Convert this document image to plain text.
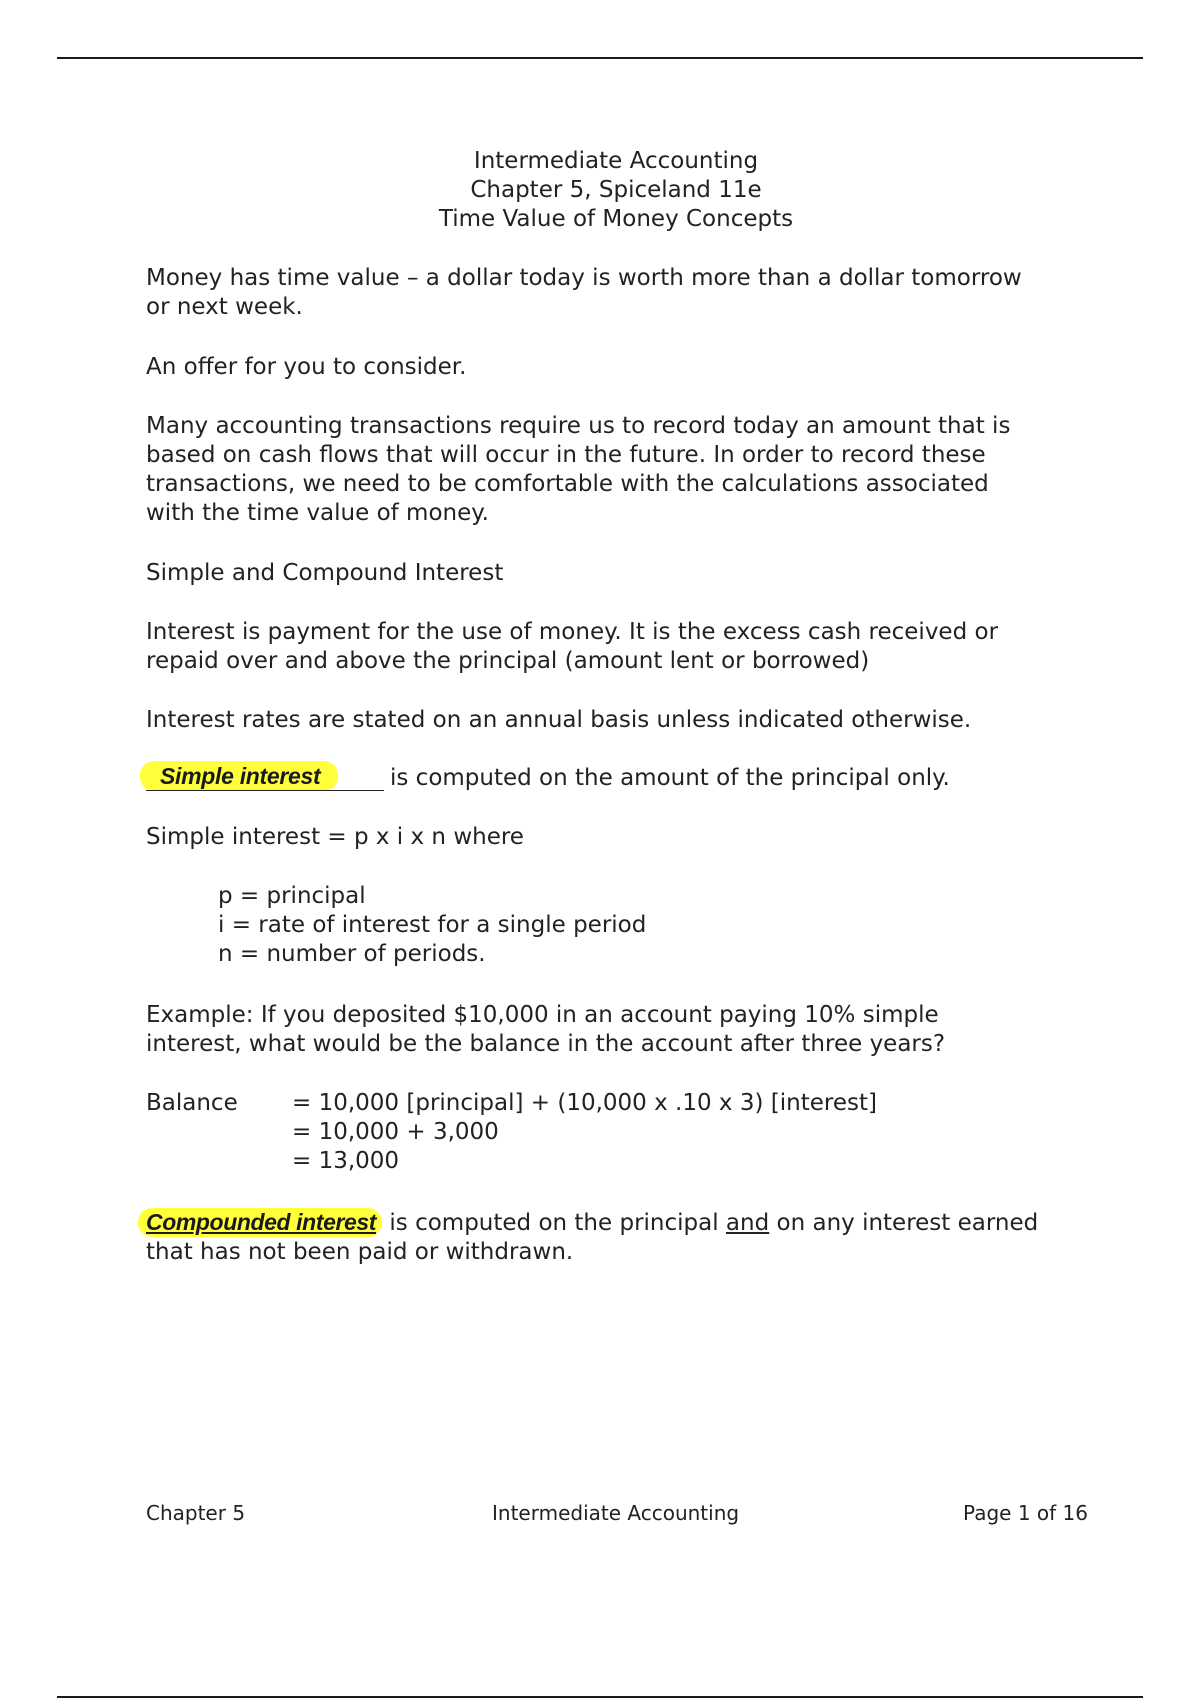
Intermediate Accounting
Chapter 5, Spiceland 11e
Time Value of Money Concepts
Money has time value – a dollar today is worth more than a dollar tomorrow
or next week.
An offer for you to consider.
Many accounting transactions require us to record today an amount that is
based on cash flows that will occur in the future. In order to record these
transactions, we need to be comfortable with the calculations associated
with the time value of money.
Simple and Compound Interest
Interest is payment for the use of money. It is the excess cash received or
repaid over and above the principal (amount lent or borrowed)
Interest rates are stated on an annual basis unless indicated otherwise.
Simple interest	is computed on the amount of the principal only.
Simple interest = p x i x n where
p = principal
i = rate of interest for a single period
n = number of periods.
Example: If you deposited $10,000 in an account paying 10% simple
interest, what would be the balance in the account after three years?
Balance = 10,000 [principal] + (10,000 x .10 x 3) [interest]
= 10,000 + 3,000
= 13,000
Compounded interest is computed on the principal and on any interest earned
that has not been paid or withdrawn.
Chapter 5	Intermediate Accounting	Page 1 of 16
